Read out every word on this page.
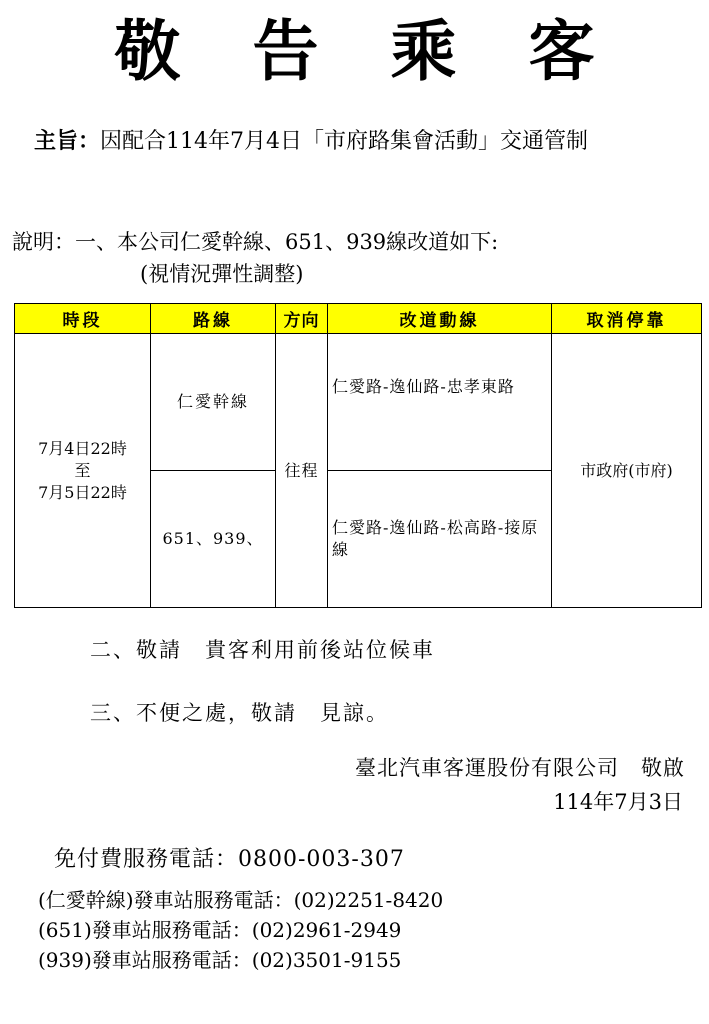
敬 告 乘 客
主旨：因配合114年7月4日「市府路集會活動」交通管制
說明：一、本公司仁愛幹線、651、939線改道如下:
(視情況彈性調整)
時段	路線	方向	改道動線	取消停靠

7月4日22時
至
7月5日22時	仁愛幹線	往程	仁愛路-逸仙路-忠孝東路	市政府(市府)
	651、939、		仁愛路-逸仙路-松高路-接原線	
二、敬請　貴客利用前後站位候車
三、不便之處，敬請　見諒。
臺北汽車客運股份有限公司　敬啟
114年7月3日
免付費服務電話：0800-003-307
(仁愛幹線)發車站服務電話：(02)2251-8420
(651)發車站服務電話：(02)2961-2949
(939)發車站服務電話：(02)3501-9155
